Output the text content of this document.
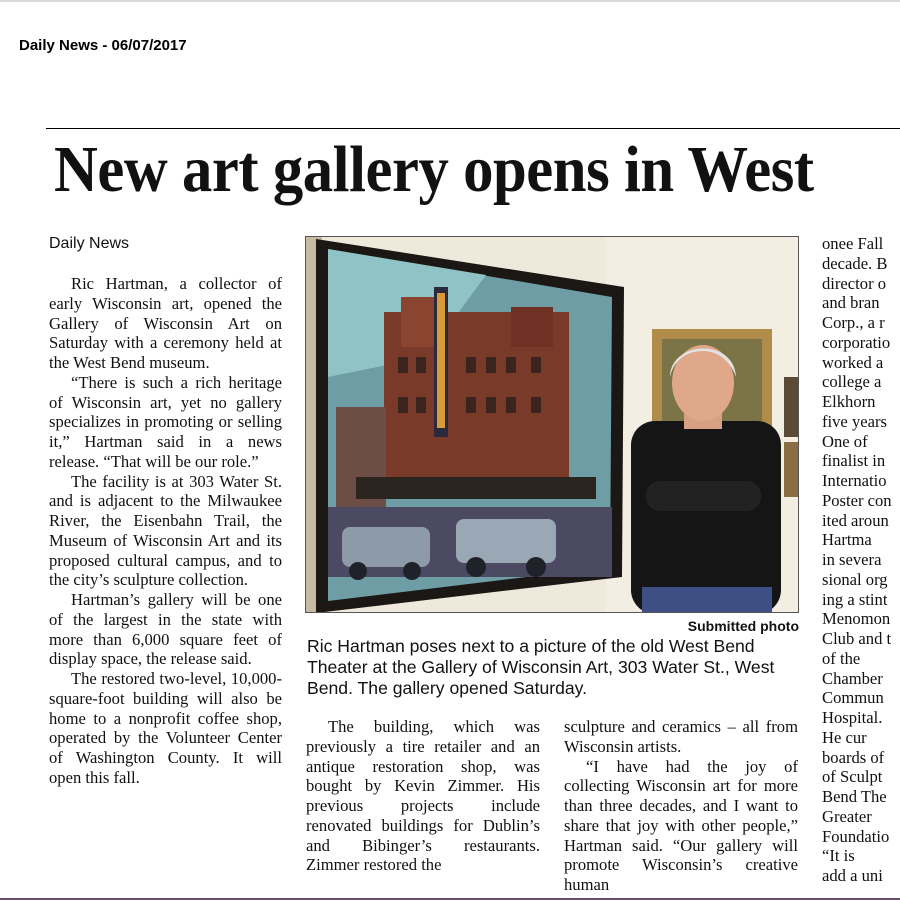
Daily News - 06/07/2017
New art gallery opens in West
Daily News

Ric Hartman, a collector of early Wisconsin art, opened the Gallery of Wisconsin Art on Saturday with a ceremony held at the West Bend museum.

“There is such a rich heritage of Wisconsin art, yet no gallery specializes in promoting or selling it,” Hartman said in a news release. “That will be our role.”

The facility is at 303 Water St. and is adjacent to the Milwaukee River, the Eisenbahn Trail, the Museum of Wisconsin Art and its proposed cultural campus, and to the city’s sculpture collection.

Hartman’s gallery will be one of the largest in the state with more than 6,000 square feet of display space, the release said.

The restored two-level, 10,000-square-foot building will also be home to a nonprofit coffee shop, operated by the Volunteer Center of Washington County. It will open this fall.

Submitted photo
Ric Hartman poses next to a picture of the old West Bend Theater at the Gallery of Wisconsin Art, 303 Water St., West Bend. The gallery opened Saturday.

The building, which was previously a tire retailer and an antique restoration shop, was bought by Kevin Zimmer. His previous projects include renovated buildings for Dublin’s and Bibinger’s restaurants. Zimmer restored the

sculpture and ceramics – all from Wisconsin artists.

“I have had the joy of collecting Wisconsin art for more than three decades, and I want to share that joy with other people,” Hartman said. “Our gallery will promote Wisconsin’s creative human

onee Fall
decade. B
director o
and bran
Corp., a r
corporatio
worked a
college a
Elkhorn
five years
One of
finalist in
Internatio
Poster con
ited aroun
Hartma
in severa
sional org
ing a stint
Menomon
Club and t
of the
Chamber
Commun
Hospital.
He cur
boards of
of Sculpt
Bend The
Greater
Foundatio
“It is
add a uni
